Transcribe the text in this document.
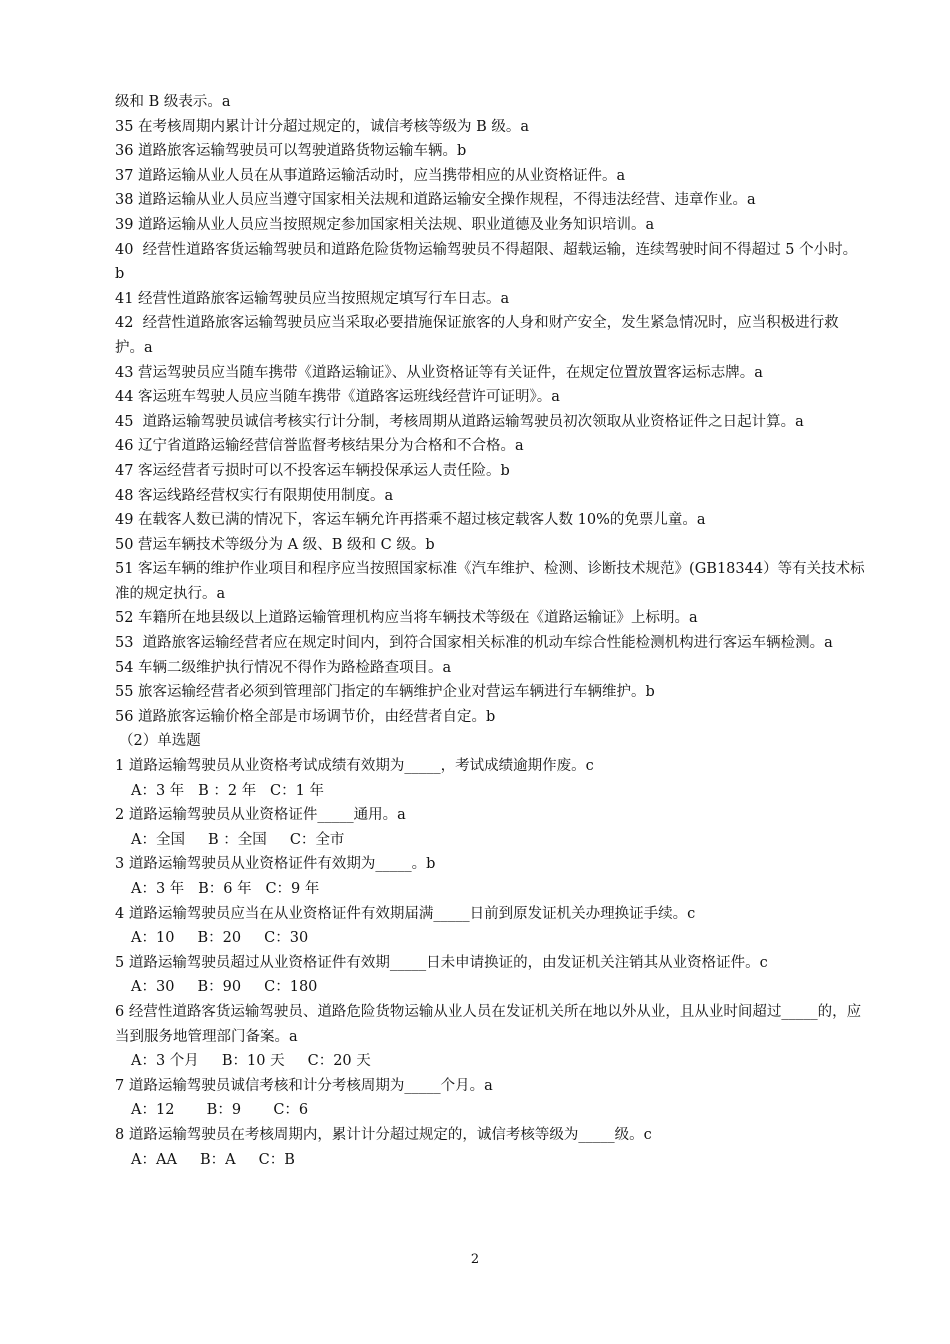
级和 B 级表示。a

35 在考核周期内累计计分超过规定的，诚信考核等级为 B 级。a

36 道路旅客运输驾驶员可以驾驶道路货物运输车辆。b

37 道路运输从业人员在从事道路运输活动时，应当携带相应的从业资格证件。a

38 道路运输从业人员应当遵守国家相关法规和道路运输安全操作规程，不得违法经营、违章作业。a

39 道路运输从业人员应当按照规定参加国家相关法规、职业道德及业务知识培训。a

40  经营性道路客货运输驾驶员和道路危险货物运输驾驶员不得超限、超载运输，连续驾驶时间不得超过 5 个小时。b

41 经营性道路旅客运输驾驶员应当按照规定填写行车日志。a

42  经营性道路旅客运输驾驶员应当采取必要措施保证旅客的人身和财产安全，发生紧急情况时，应当积极进行救护。a

43 营运驾驶员应当随车携带《道路运输证》、从业资格证等有关证件，在规定位置放置客运标志牌。a

44 客运班车驾驶人员应当随车携带《道路客运班线经营许可证明》。a

45  道路运输驾驶员诚信考核实行计分制，考核周期从道路运输驾驶员初次领取从业资格证件之日起计算。a

46 辽宁省道路运输经营信誉监督考核结果分为合格和不合格。a

47 客运经营者亏损时可以不投客运车辆投保承运人责任险。b

48 客运线路经营权实行有限期使用制度。a

49 在载客人数已满的情况下，客运车辆允许再搭乘不超过核定载客人数 10%的免票儿童。a

50 营运车辆技术等级分为 A 级、B 级和 C 级。b

51 客运车辆的维护作业项目和程序应当按照国家标准《汽车维护、检测、诊断技术规范》(GB18344）等有关技术标准的规定执行。a

52 车籍所在地县级以上道路运输管理机构应当将车辆技术等级在《道路运输证》上标明。a

53  道路旅客运输经营者应在规定时间内，到符合国家相关标准的机动车综合性能检测机构进行客运车辆检测。a

54 车辆二级维护执行情况不得作为路检路查项目。a

55 旅客运输经营者必须到管理部门指定的车辆维护企业对营运车辆进行车辆维护。b

56 道路旅客运输价格全部是市场调节价，由经营者自定。b

（2）单选题

1 道路运输驾驶员从业资格考试成绩有效期为_____，考试成绩逾期作废。c

A：3 年   B ：2 年   C：1 年

2 道路运输驾驶员从业资格证件_____通用。a

A：全国     B ：全国     C：全市

3 道路运输驾驶员从业资格证件有效期为_____。b

A：3 年   B：6 年   C：9 年

4 道路运输驾驶员应当在从业资格证件有效期届满_____日前到原发证机关办理换证手续。c

A：10     B：20     C：30

5 道路运输驾驶员超过从业资格证件有效期_____日未申请换证的，由发证机关注销其从业资格证件。c

A：30     B：90     C：180

6 经营性道路客货运输驾驶员、道路危险货物运输从业人员在发证机关所在地以外从业，且从业时间超过_____的，应当到服务地管理部门备案。a

A：3 个月     B：10 天     C：20 天

7 道路运输驾驶员诚信考核和计分考核周期为_____个月。a

A：12       B：9       C：6

8 道路运输驾驶员在考核周期内，累计计分超过规定的，诚信考核等级为_____级。c

A：AA     B：A     C：B

2
